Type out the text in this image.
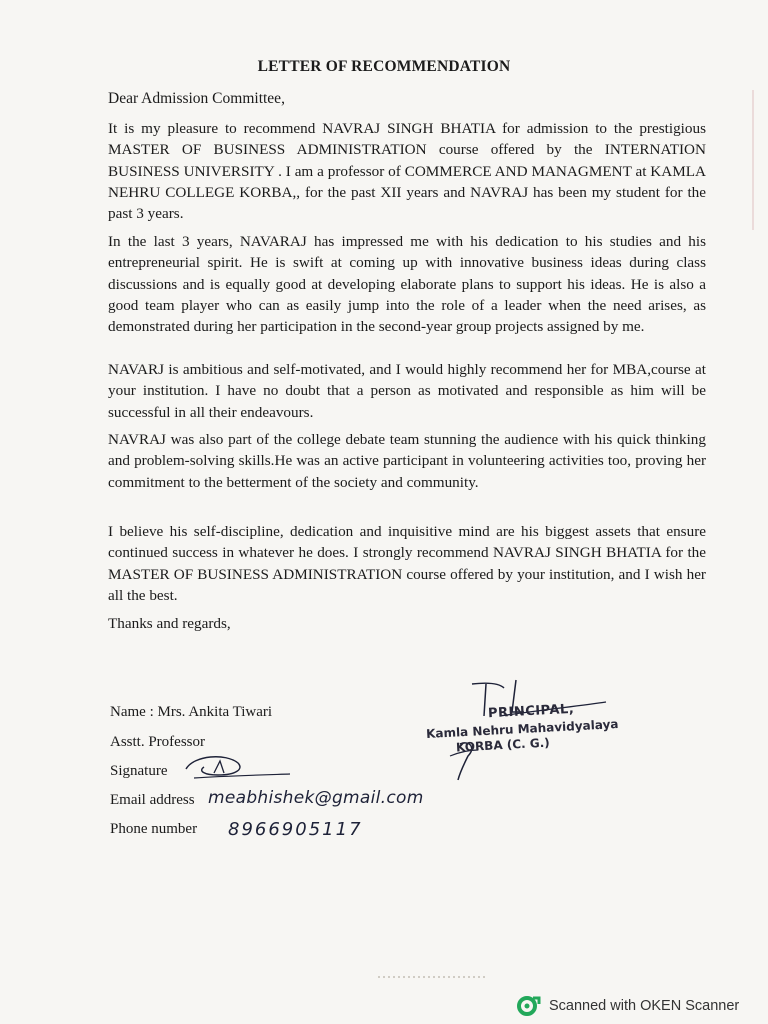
LETTER OF RECOMMENDATION
Dear Admission Committee,
It is my pleasure to recommend NAVRAJ SINGH BHATIA for admission to the prestigious MASTER OF BUSINESS ADMINISTRATION course offered by the INTERNATION BUSINESS UNIVERSITY . I am a professor of COMMERCE AND MANAGMENT at KAMLA NEHRU COLLEGE KORBA,, for the past XII years and NAVRAJ has been my student for the past 3 years.
In the last 3 years, NAVARAJ has impressed me with his dedication to his studies and his entrepreneurial spirit. He is swift at coming up with innovative business ideas during class discussions and is equally good at developing elaborate plans to support his ideas. He is also a good team player who can as easily jump into the role of a leader when the need arises, as demonstrated during her participation in the second-year group projects assigned by me.
NAVARJ is ambitious and self-motivated, and I would highly recommend her for MBA,course at your institution. I have no doubt that a person as motivated and responsible as him will be successful in all their endeavours.
NAVRAJ was also part of the college debate team stunning the audience with his quick thinking and problem-solving skills.He was an active participant in volunteering activities too, proving her commitment to the betterment of the society and community.
I believe his self-discipline, dedication and inquisitive mind are his biggest assets that ensure continued success in whatever he does. I strongly recommend NAVRAJ SINGH BHATIA for the MASTER OF BUSINESS ADMINISTRATION course offered by your institution, and I wish her all the best.
Thanks and regards,
Name : Mrs. Ankita Tiwari
Asstt. Professor
Signature
Email address meabhishek@gmail.com
Phone number 8966905117
PRINCIPAL,
Kamla Nehru Mahavidyalaya
KORBA (C. G.)
Scanned with OKEN Scanner
